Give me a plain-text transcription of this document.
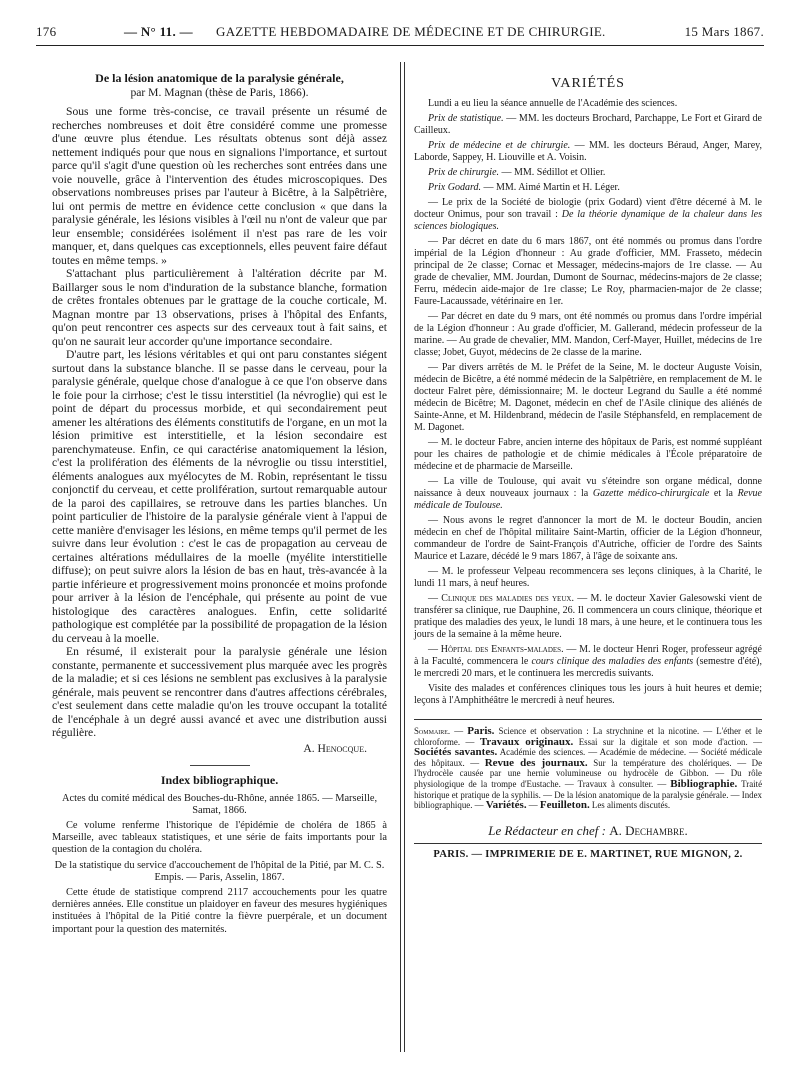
176	— N° 11. — GAZETTE HEBDOMADAIRE DE MÉDECINE ET DE CHIRURGIE.	15 Mars 1867.
De la lésion anatomique de la paralysie générale,
par M. Magnan (thèse de Paris, 1866).

Sous une forme très-concise, ce travail présente un résumé de recherches nombreuses et doit être considéré comme une promesse d'une œuvre plus étendue. Les résultats obtenus sont déjà assez nettement indiqués pour que nous en signalions l'importance, et surtout parce qu'il s'agit d'une question où les recherches sont entrées dans une voie nouvelle, grâce à l'intervention des études microscopiques. Des observations nombreuses prises par l'auteur à Bicêtre, à la Salpêtrière, lui ont permis de mettre en évidence cette conclusion « que dans la paralysie générale, les lésions visibles à l'œil nu n'ont de valeur que par leur ensemble; considérées isolément il n'est pas rare de les voir manquer, et, dans quelques cas exceptionnels, elles peuvent faire défaut toutes en même temps. »

S'attachant plus particulièrement à l'altération décrite par M. Baillarger sous le nom d'induration de la substance blanche, formation de crêtes frontales obtenues par le grattage de la couche corticale, M. Magnan montre par 13 observations, prises à l'hôpital des Enfants, qu'on peut rencontrer ces aspects sur des cerveaux tout à fait sains, et qu'on ne saurait leur accorder qu'une importance secondaire.

D'autre part, les lésions véritables et qui ont paru constantes siégent surtout dans la substance blanche. Il se passe dans le cerveau, pour la paralysie générale, quelque chose d'analogue à ce que l'on observe dans le foie pour la cirrhose; c'est le tissu interstitiel (la névroglie) qui est le point de départ du processus morbide, et qui secondairement peut amener les altérations des éléments constitutifs de l'organe, en un mot la lésion primitive est interstitielle, et la lésion secondaire est parenchymateuse. Enfin, ce qui caractérise anatomiquement la lésion, c'est la prolifération des éléments de la névroglie ou tissu interstitiel, éléments analogues aux myélocytes de M. Robin, représentant le tissu conjonctif du cerveau, et cette prolifération, surtout remarquable autour de la paroi des capillaires, se retrouve dans les parties blanches. Un point particulier de l'histoire de la paralysie générale vient à l'appui de cette manière d'envisager les lésions, en même temps qu'il permet de les suivre dans leur évolution : c'est le cas de propagation au cerveau de certaines altérations médullaires de la moelle (myélite interstitielle diffuse); on peut suivre alors la lésion de bas en haut, très-avancée à la partie inférieure et progressivement moins prononcée et moins profonde pour arriver à la lésion de l'encéphale, qui présente au point de vue histologique des caractères analogues. Enfin, cette solidarité pathologique est complétée par la possibilité de propagation de la lésion du cerveau à la moelle.

En résumé, il existerait pour la paralysie générale une lésion constante, permanente et successivement plus marquée avec les progrès de la maladie; et si ces lésions ne semblent pas exclusives à la paralysie générale, mais peuvent se rencontrer dans d'autres affections cérébrales, c'est seulement dans cette maladie qu'on les trouve occupant la totalité de l'encéphale à un degré aussi avancé et avec une distribution aussi régulière.

A. Henocque.
Index bibliographique.
Actes du comité médical des Bouches-du-Rhône, année 1865. — Marseille, Samat, 1866.

Ce volume renferme l'historique de l'épidémie de choléra de 1865 à Marseille, avec tableaux statistiques, et une série de faits importants pour la question de la contagion du choléra.

De la statistique du service d'accouchement de l'hôpital de la Pitié, par M. C. S. Empis. — Paris, Asselin, 1867.

Cette étude de statistique comprend 2117 accouchements pour les quatre dernières années. Elle constitue un plaidoyer en faveur des mesures hygiéniques instituées à l'hôpital de la Pitié contre la fièvre puerpérale, et un document important pour la question des maternités.

VARIÉTÉS

Lundi a eu lieu la séance annuelle de l'Académie des sciences.

Prix de statistique. — MM. les docteurs Brochard, Parchappe, Le Fort et Girard de Cailleux.

Prix de médecine et de chirurgie. — MM. les docteurs Béraud, Anger, Marey, Laborde, Sappey, H. Liouville et A. Voisin.

Prix de chirurgie. — MM. Sédillot et Ollier.

Prix Godard. — MM. Aimé Martin et H. Léger.

— Le prix de la Société de biologie (prix Godard) vient d'être décerné à M. le docteur Onimus, pour son travail : De la théorie dynamique de la chaleur dans les sciences biologiques.

— Par décret en date du 6 mars 1867, ont été nommés ou promus dans l'ordre impérial de la Légion d'honneur : Au grade d'officier, MM. Frasseto, médecin principal de 2e classe; Cornac et Messager, médecins-majors de 1re classe. — Au grade de chevalier, MM. Jourdan, Dumont de Sournac, médecins-majors de 2e classe; Ferru, médecin aide-major de 1re classe; Le Roy, pharmacien-major de 2e classe; Faure-Lacaussade, vétérinaire en 1er.

— Par décret en date du 9 mars, ont été nommés ou promus dans l'ordre impérial de la Légion d'honneur : Au grade d'officier, M. Gallerand, médecin professeur de la marine. — Au grade de chevalier, MM. Mandon, Cerf-Mayer, Huillet, médecins de 1re classe; Jobet, Guyot, médecins de 2e classe de la marine.

— Par divers arrêtés de M. le Préfet de la Seine, M. le docteur Auguste Voisin, médecin de Bicêtre, a été nommé médecin de la Salpêtrière, en remplacement de M. le docteur Falret père, démissionnaire; M. le docteur Legrand du Saulle a été nommé médecin de Bicêtre; M. Dagonet, médecin en chef de l'Asile clinique des aliénés de Sainte-Anne, et M. Hildenbrand, médecin de l'asile Stéphansfeld, en remplacement de M. Dagonet.

— M. le docteur Fabre, ancien interne des hôpitaux de Paris, est nommé suppléant pour les chaires de pathologie et de chimie médicales à l'École préparatoire de médecine et de pharmacie de Marseille.

— La ville de Toulouse, qui avait vu s'éteindre son organe médical, donne naissance à deux nouveaux journaux : la Gazette médico-chirurgicale et la Revue médicale de Toulouse.

— Nous avons le regret d'annoncer la mort de M. le docteur Boudin, ancien médecin en chef de l'hôpital militaire Saint-Martin, officier de la Légion d'honneur, commandeur de l'ordre de Saint-François d'Autriche, officier de l'ordre des Saints Maurice et Lazare, décédé le 9 mars 1867, à l'âge de soixante ans.

— M. le professeur Velpeau recommencera ses leçons cliniques, à la Charité, le lundi 11 mars, à neuf heures.

— Clinique des maladies des yeux. — M. le docteur Xavier Galesowski vient de transférer sa clinique, rue Dauphine, 26. Il commencera un cours clinique, théorique et pratique des maladies des yeux, le lundi 18 mars, à une heure, et le continuera tous les jours de la semaine à la même heure.

— Hôpital des Enfants-malades. — M. le docteur Henri Roger, professeur agrégé à la Faculté, commencera le cours clinique des maladies des enfants (semestre d'été), le mercredi 20 mars, et le continuera les mercredis suivants.

Visite des malades et conférences cliniques tous les jours à huit heures et demie; leçons à l'Amphithéâtre le mercredi à neuf heures.

Sommaire. — Paris. Science et observation : La strychnine et la nicotine. — L'éther et le chloroforme. — Travaux originaux. Essai sur la digitale et son mode d'action. — Sociétés savantes. Académie des sciences. — Académie de médecine. — Société médicale des hôpitaux. — Revue des journaux. Sur la température des cholériques. — De l'hydrocèle causée par une hernie volumineuse ou hydrocèle de Gibbon. — Du rôle physiologique de la trompe d'Eustache. — Travaux à consulter. — Bibliographie. Traité historique et pratique de la syphilis. — De la lésion anatomique de la paralysie générale. — Index bibliographique. — Variétés. — Feuilleton. Les aliments discutés.

Le Rédacteur en chef : A. Dechambre.
PARIS. — IMPRIMERIE DE E. MARTINET, RUE MIGNON, 2.
